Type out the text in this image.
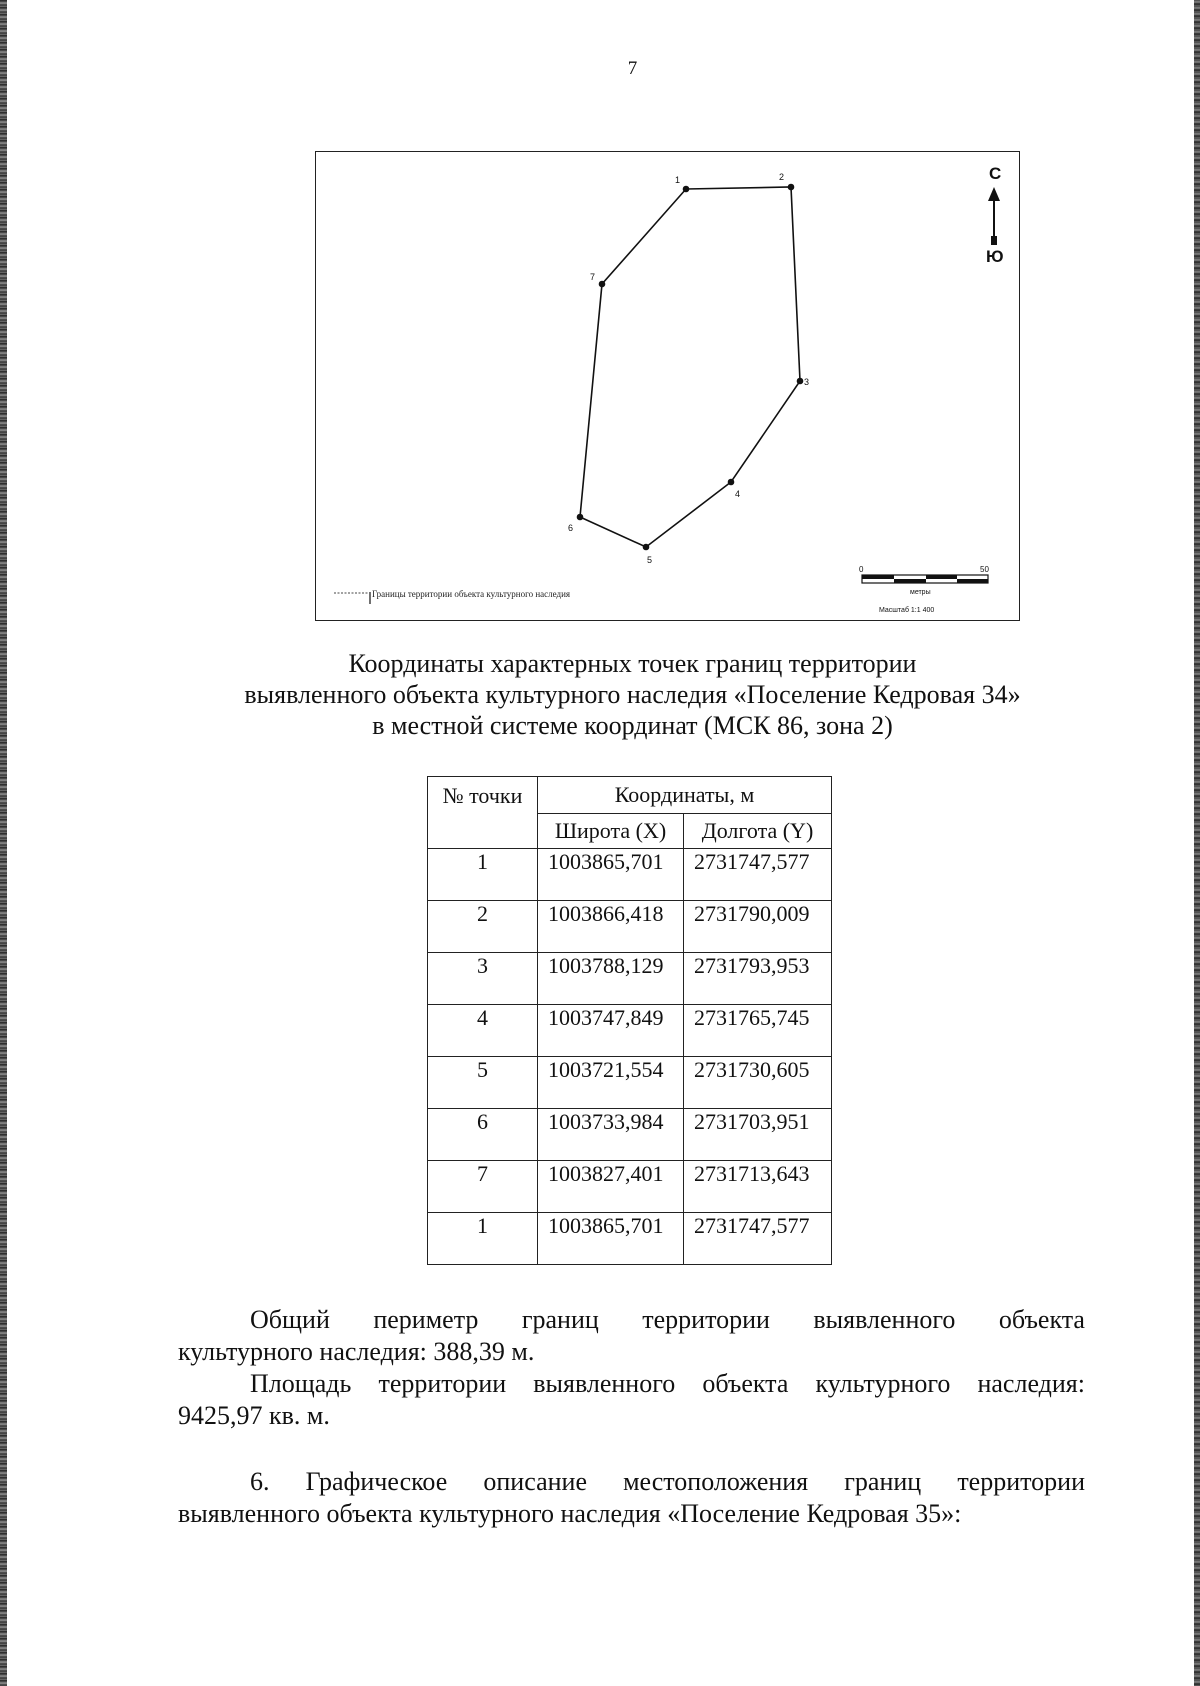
7
1	2
3
4
5
6
7
Границы территории объекта культурного наследия
С
Ю
0	50
метры
Масштаб 1:1 400
Координаты характерных точек границ территории
выявленного объекта культурного наследия «Поселение Кедровая 34»
в местной системе координат (МСК 86, зона 2)
№ точки	Координаты, м	
	Широта (X)	Долгота (Y)
1	1003865,701	2731747,577
2	1003866,418	2731790,009
3	1003788,129	2731793,953
4	1003747,849	2731765,745
5	1003721,554	2731730,605
6	1003733,984	2731703,951
7	1003827,401	2731713,643
1	1003865,701	2731747,577
Общий периметр границ территории выявленного объекта
культурного наследия: 388,39 м.
Площадь территории выявленного объекта культурного наследия:
9425,97 кв. м.
6. Графическое описание местоположения границ территории
выявленного объекта культурного наследия «Поселение Кедровая 35»:
